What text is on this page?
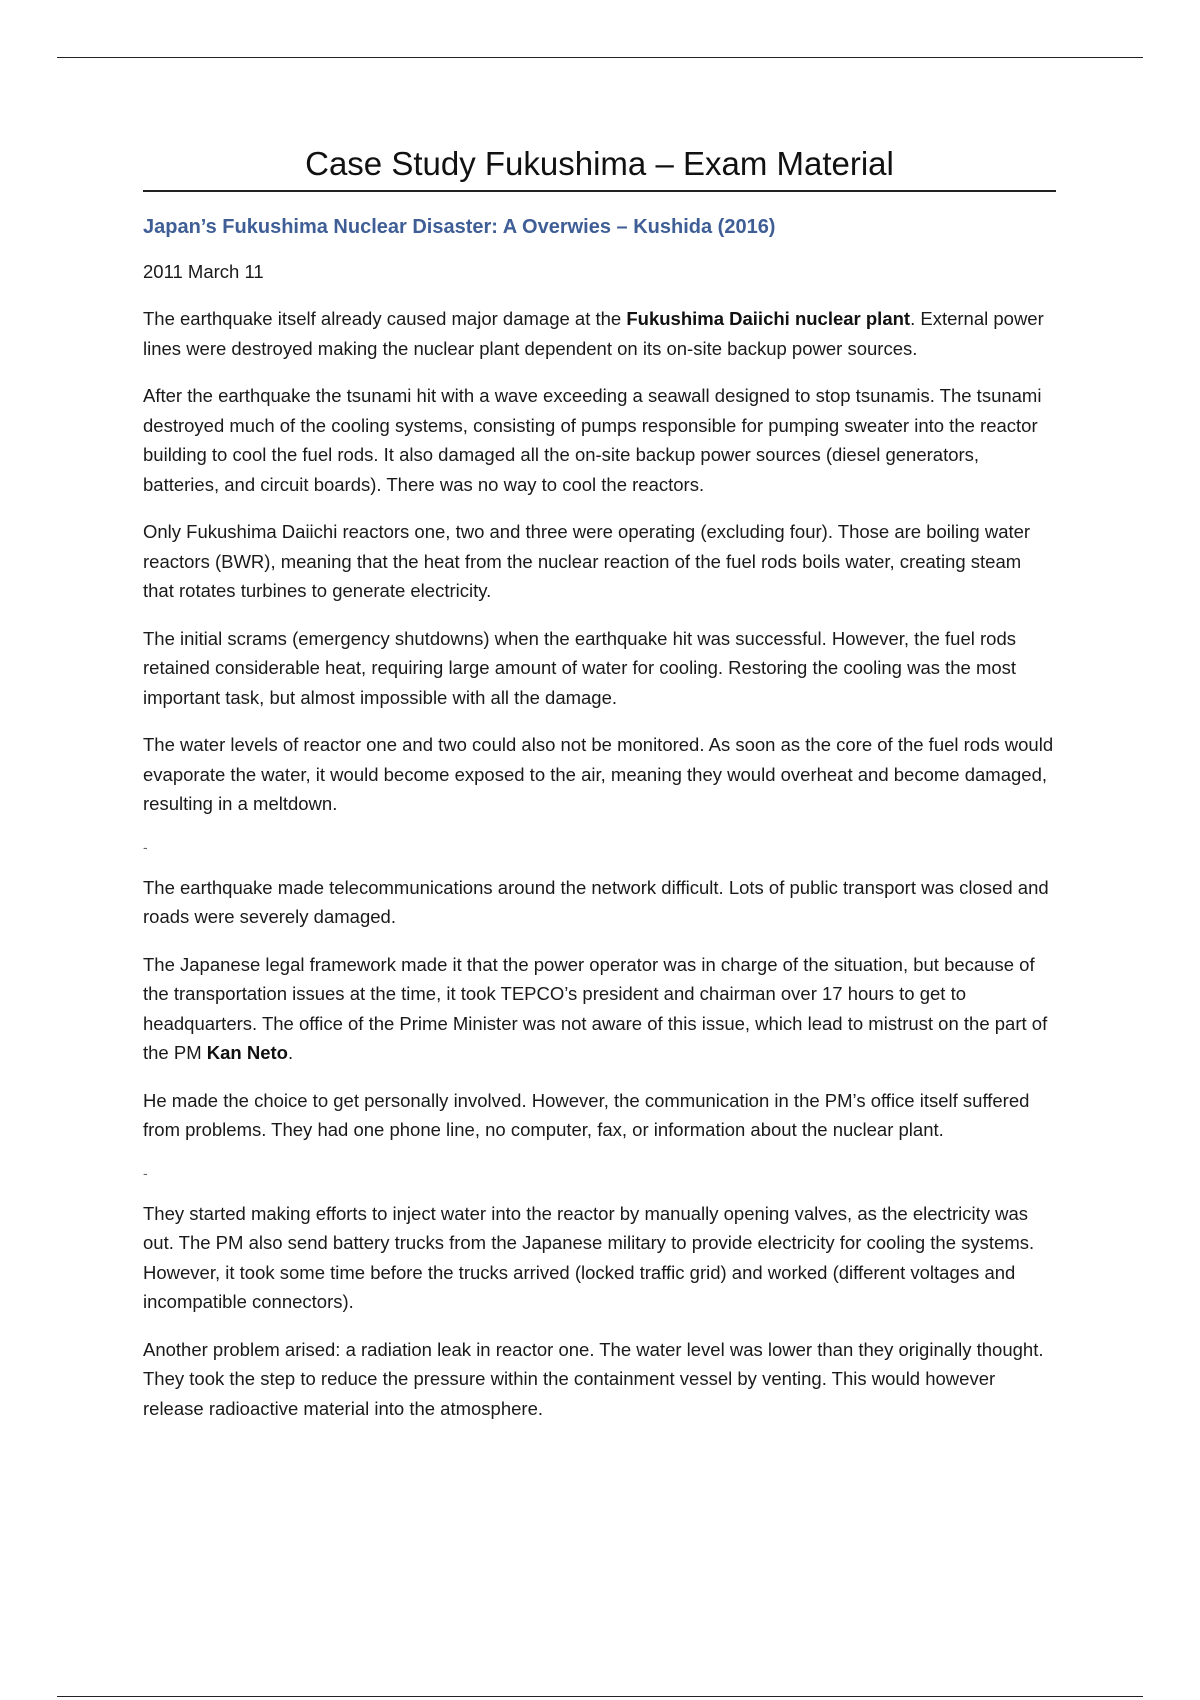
Case Study Fukushima – Exam Material
Japan’s Fukushima Nuclear Disaster: A Overwies – Kushida (2016)
2011 March 11

The earthquake itself already caused major damage at the Fukushima Daiichi nuclear plant. External power lines were destroyed making the nuclear plant dependent on its on-site backup power sources.

After the earthquake the tsunami hit with a wave exceeding a seawall designed to stop tsunamis. The tsunami destroyed much of the cooling systems, consisting of pumps responsible for pumping sweater into the reactor building to cool the fuel rods. It also damaged all the on-site backup power sources (diesel generators, batteries, and circuit boards). There was no way to cool the reactors.

Only Fukushima Daiichi reactors one, two and three were operating (excluding four). Those are boiling water reactors (BWR), meaning that the heat from the nuclear reaction of the fuel rods boils water, creating steam that rotates turbines to generate electricity.

The initial scrams (emergency shutdowns) when the earthquake hit was successful. However, the fuel rods retained considerable heat, requiring large amount of water for cooling. Restoring the cooling was the most important task, but almost impossible with all the damage.

The water levels of reactor one and two could also not be monitored. As soon as the core of the fuel rods would evaporate the water, it would become exposed to the air, meaning they would overheat and become damaged, resulting in a meltdown.

-

The earthquake made telecommunications around the network difficult. Lots of public transport was closed and roads were severely damaged.

The Japanese legal framework made it that the power operator was in charge of the situation, but because of the transportation issues at the time, it took TEPCO’s president and chairman over 17 hours to get to headquarters. The office of the Prime Minister was not aware of this issue, which lead to mistrust on the part of the PM Kan Neto.

He made the choice to get personally involved. However, the communication in the PM’s office itself suffered from problems. They had one phone line, no computer, fax, or information about the nuclear plant.

-

They started making efforts to inject water into the reactor by manually opening valves, as the electricity was out. The PM also send battery trucks from the Japanese military to provide electricity for cooling the systems. However, it took some time before the trucks arrived (locked traffic grid) and worked (different voltages and incompatible connectors).

Another problem arised: a radiation leak in reactor one. The water level was lower than they originally thought. They took the step to reduce the pressure within the containment vessel by venting. This would however release radioactive material into the atmosphere.
